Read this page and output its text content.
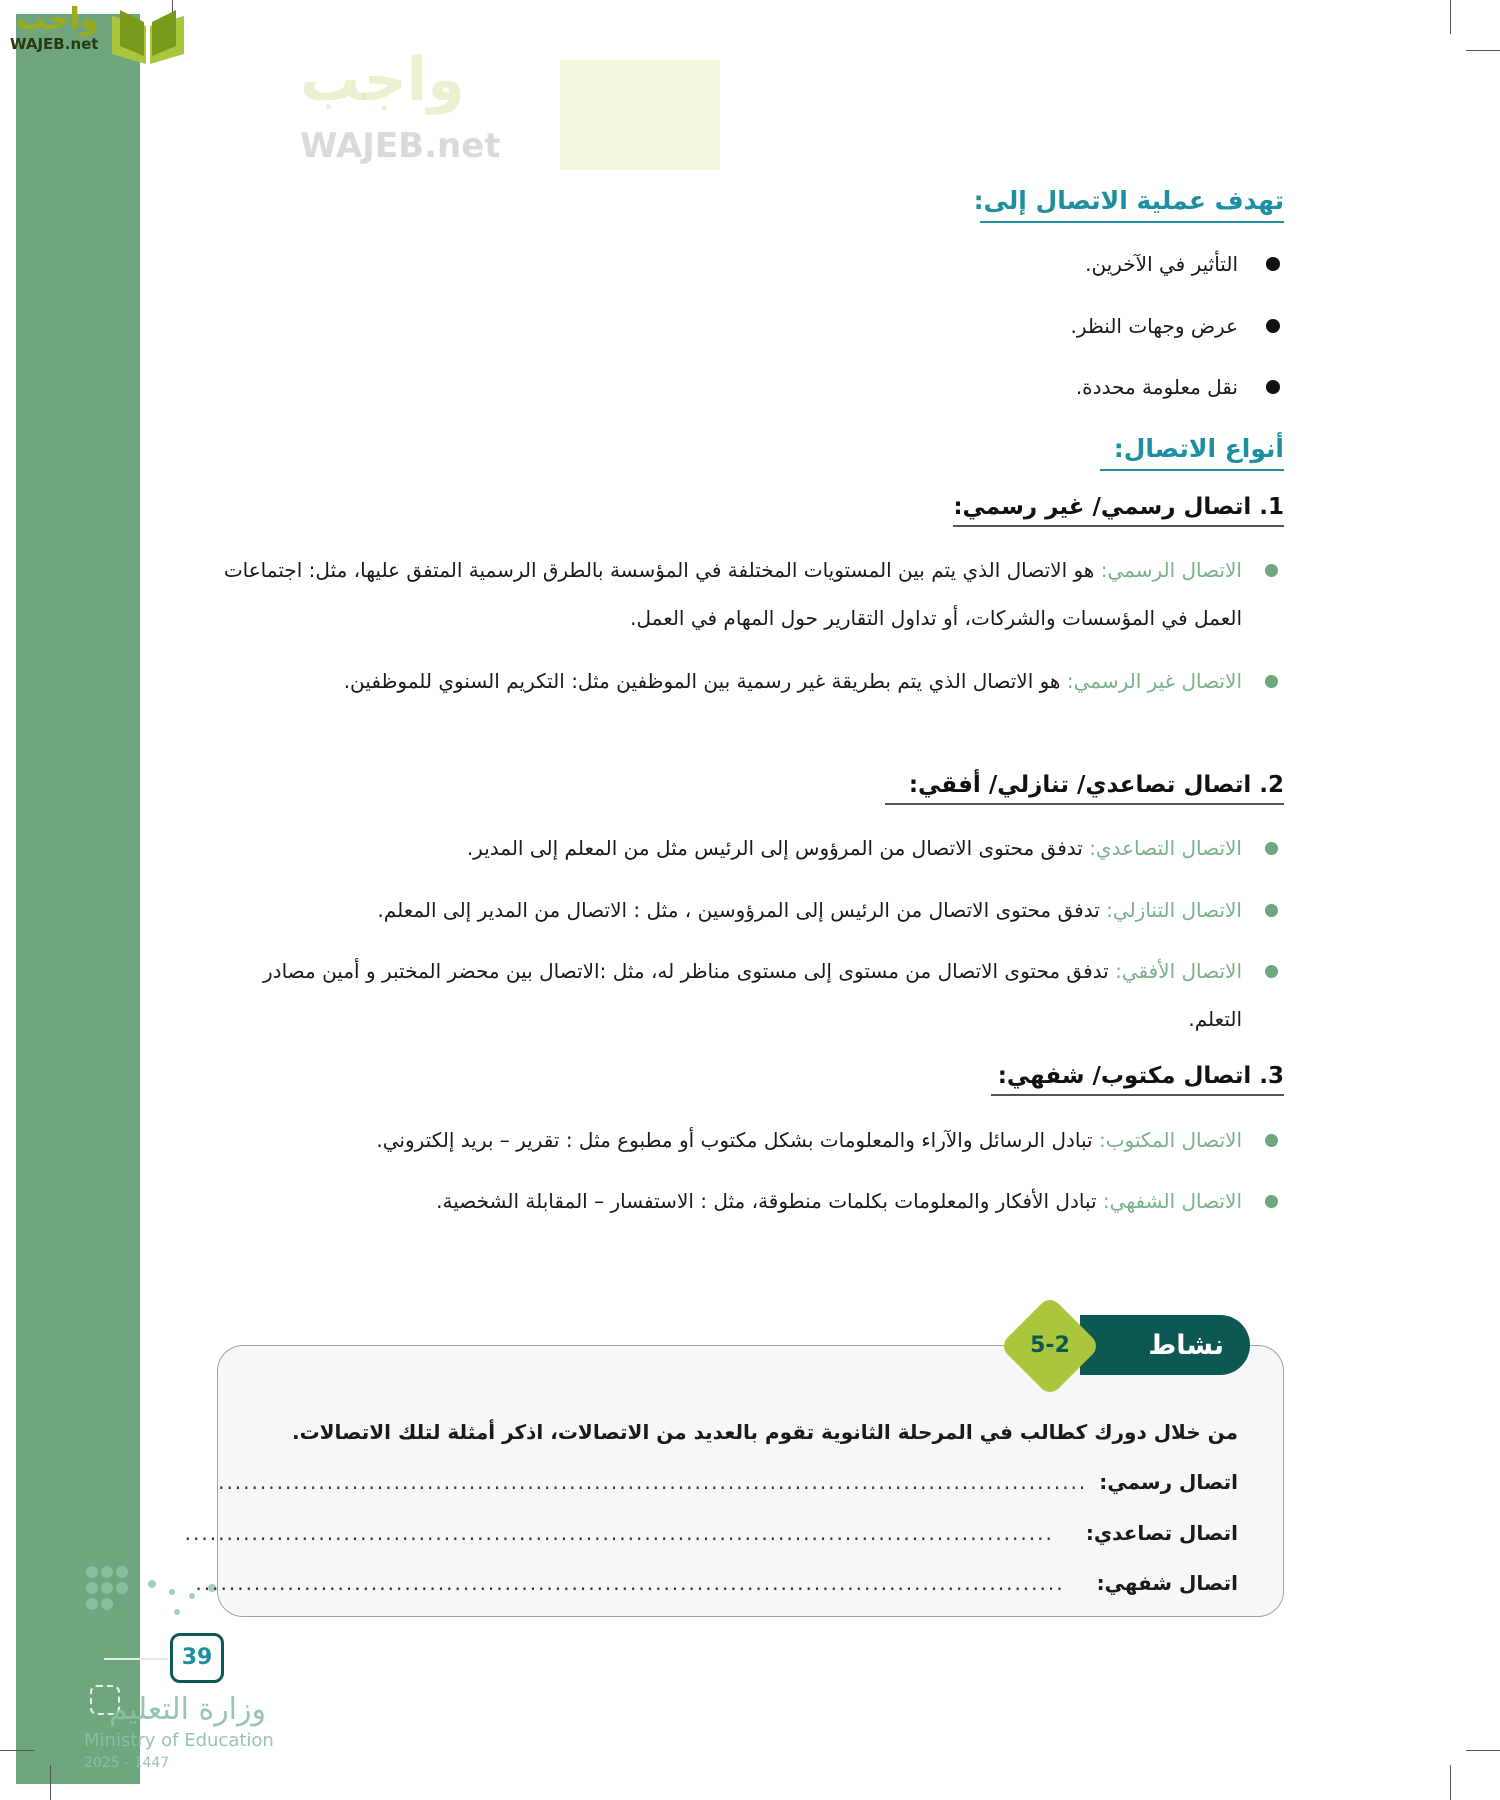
واجب
WAJEB.net
واجب
WAJEB.net
تهدف عملية الاتصال إلى:
التأثير في الآخرين.
عرض وجهات النظر.
نقل معلومة محددة.
أنواع الاتصال:
1. اتصال رسمي/ غير رسمي:
الاتصال الرسمي: هو الاتصال الذي يتم بين المستويات المختلفة في المؤسسة بالطرق الرسمية المتفق عليها، مثل: اجتماعات العمل في المؤسسات والشركات، أو تداول التقارير حول المهام في العمل.
الاتصال غير الرسمي: هو الاتصال الذي يتم بطريقة غير رسمية بين الموظفين مثل: التكريم السنوي للموظفين.
2. اتصال تصاعدي/ تنازلي/ أفقي:
الاتصال التصاعدي: تدفق محتوى الاتصال من المرؤوس إلى الرئيس مثل من المعلم إلى المدير.
الاتصال التنازلي: تدفق محتوى الاتصال من الرئيس إلى المرؤوسين ، مثل : الاتصال من المدير إلى المعلم.
الاتصال الأفقي: تدفق محتوى الاتصال من مستوى إلى مستوى مناظر له، مثل :الاتصال بين محضر المختبر و أمين مصادر التعلم.
3. اتصال مكتوب/ شفهي:
الاتصال المكتوب: تبادل الرسائل والآراء والمعلومات بشكل مكتوب أو مطبوع مثل : تقرير – بريد إلكتروني.
الاتصال الشفهي: تبادل الأفكار والمعلومات بكلمات منطوقة، مثل : الاستفسار – المقابلة الشخصية.
نشاط
5-2
من خلال دورك كطالب في المرحلة الثانوية تقوم بالعديد من الاتصالات، اذكر أمثلة لتلك الاتصالات.
اتصال رسمي:
........................................................................................................
اتصال تصاعدي:
........................................................................................................
اتصال شفهي:
........................................................................................................
39
وزارة التعليم
Ministry of Education
2025 - 1447
